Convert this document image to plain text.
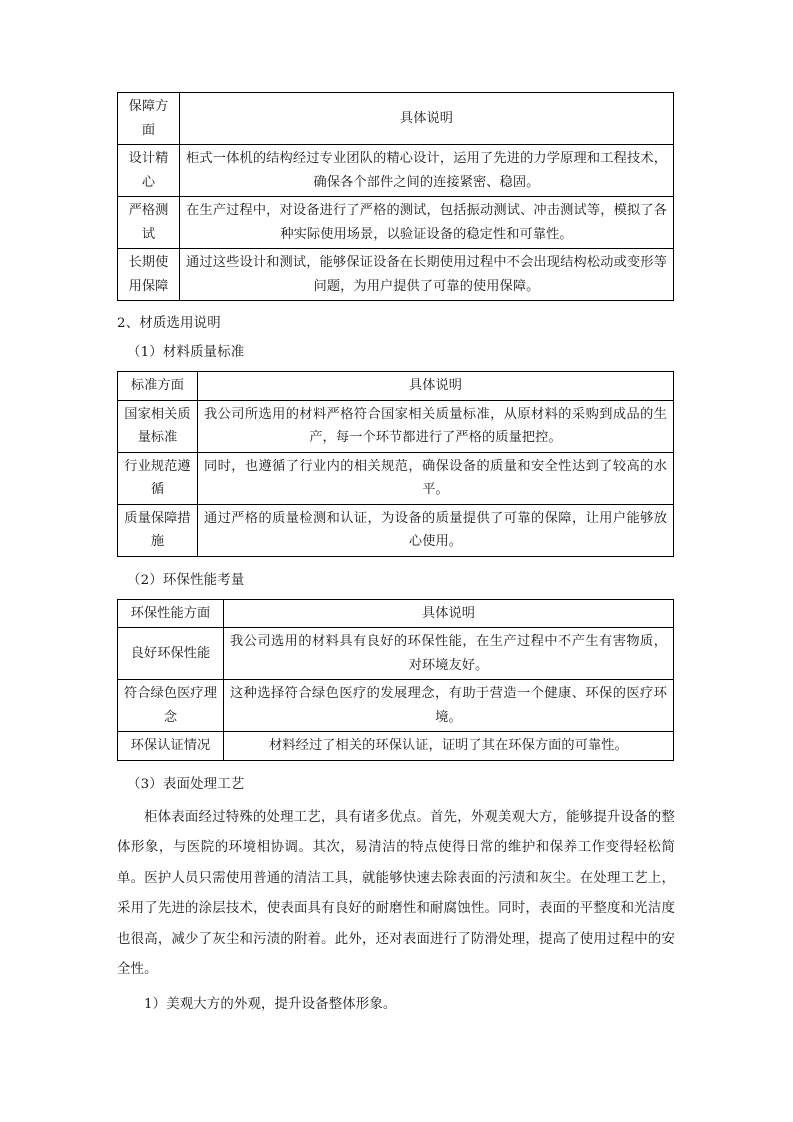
保障方面	具体说明
设计精心	柜式一体机的结构经过专业团队的精心设计，运用了先进的力学原理和工程技术，确保各个部件之间的连接紧密、稳固。
严格测试	在生产过程中，对设备进行了严格的测试，包括振动测试、冲击测试等，模拟了各种实际使用场景，以验证设备的稳定性和可靠性。
长期使用保障	通过这些设计和测试，能够保证设备在长期使用过程中不会出现结构松动或变形等问题，为用户提供了可靠的使用保障。

2、材质选用说明

（1）材料质量标准

标准方面	具体说明
国家相关质量标准	我公司所选用的材料严格符合国家相关质量标准，从原材料的采购到成品的生产，每一个环节都进行了严格的质量把控。
行业规范遵循	同时，也遵循了行业内的相关规范，确保设备的质量和安全性达到了较高的水平。
质量保障措施	通过严格的质量检测和认证，为设备的质量提供了可靠的保障，让用户能够放心使用。

（2）环保性能考量

环保性能方面	具体说明
良好环保性能	我公司选用的材料具有良好的环保性能，在生产过程中不产生有害物质，对环境友好。
符合绿色医疗理念	这种选择符合绿色医疗的发展理念，有助于营造一个健康、环保的医疗环境。
环保认证情况	材料经过了相关的环保认证，证明了其在环保方面的可靠性。

（3）表面处理工艺

柜体表面经过特殊的处理工艺，具有诸多优点。首先，外观美观大方，能够提升设备的整体形象，与医院的环境相协调。其次，易清洁的特点使得日常的维护和保养工作变得轻松简单。医护人员只需使用普通的清洁工具，就能够快速去除表面的污渍和灰尘。在处理工艺上，采用了先进的涂层技术，使表面具有良好的耐磨性和耐腐蚀性。同时，表面的平整度和光洁度也很高，减少了灰尘和污渍的附着。此外，还对表面进行了防滑处理，提高了使用过程中的安全性。

1）美观大方的外观，提升设备整体形象。
